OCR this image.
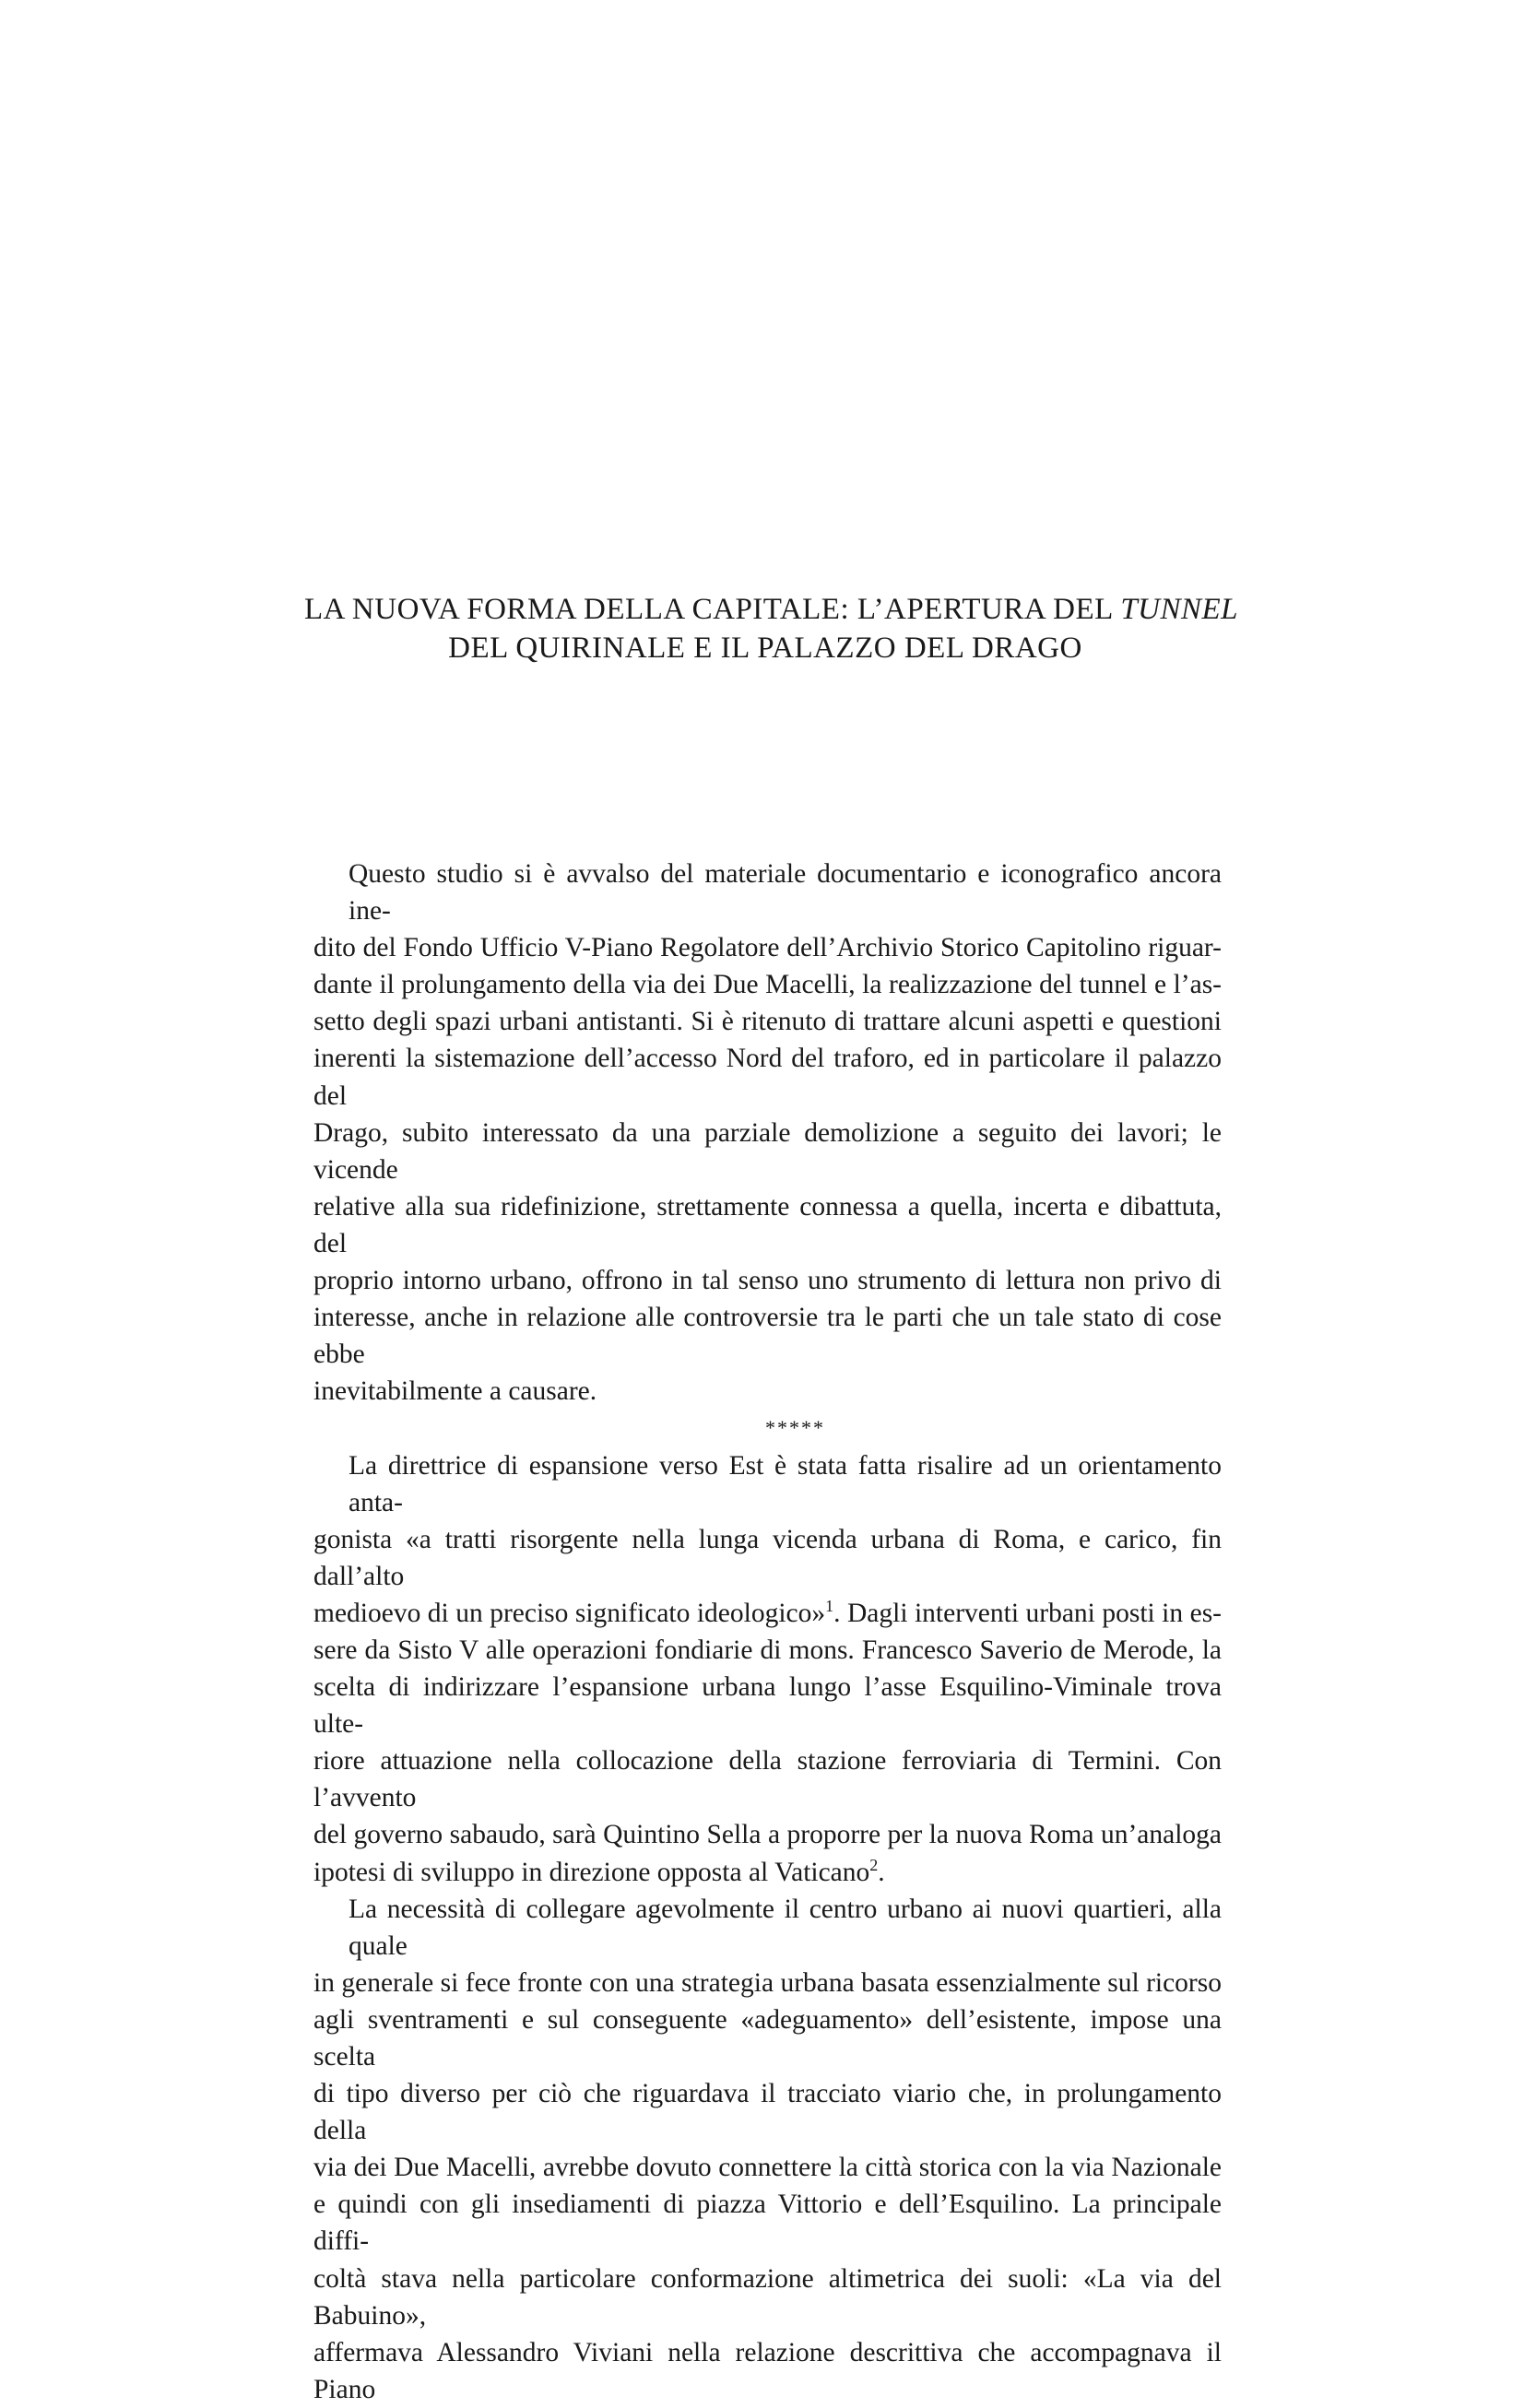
LA NUOVA FORMA DELLA CAPITALE: L’APERTURA DEL TUNNEL
DEL QUIRINALE E IL PALAZZO DEL DRAGO
Questo studio si è avvalso del materiale documentario e iconografico ancora ine-
dito del Fondo Ufficio V-Piano Regolatore dell’Archivio Storico Capitolino riguar-
dante il prolungamento della via dei Due Macelli, la realizzazione del tunnel e l’as-
setto degli spazi urbani antistanti. Si è ritenuto di trattare alcuni aspetti e questioni
inerenti la sistemazione dell’accesso Nord del traforo, ed in particolare il palazzo del
Drago, subito interessato da una parziale demolizione a seguito dei lavori; le vicende
relative alla sua ridefinizione, strettamente connessa a quella, incerta e dibattuta, del
proprio intorno urbano, offrono in tal senso uno strumento di lettura non privo di
interesse, anche in relazione alle controversie tra le parti che un tale stato di cose ebbe
inevitabilmente a causare.
*****
La direttrice di espansione verso Est è stata fatta risalire ad un orientamento anta-
gonista «a tratti risorgente nella lunga vicenda urbana di Roma, e carico, fin dall’alto
medioevo di un preciso significato ideologico»$^1$. Dagli interventi urbani posti in es-
sere da Sisto V alle operazioni fondiarie di mons. Francesco Saverio de Merode, la
scelta di indirizzare l’espansione urbana lungo l’asse Esquilino-Viminale trova ulte-
riore attuazione nella collocazione della stazione ferroviaria di Termini. Con l’avvento
del governo sabaudo, sarà Quintino Sella a proporre per la nuova Roma un’analoga
ipotesi di sviluppo in direzione opposta al Vaticano$^2$.
La necessità di collegare agevolmente il centro urbano ai nuovi quartieri, alla quale
in generale si fece fronte con una strategia urbana basata essenzialmente sul ricorso
agli sventramenti e sul conseguente «adeguamento» dell’esistente, impose una scelta
di tipo diverso per ciò che riguardava il tracciato viario che, in prolungamento della
via dei Due Macelli, avrebbe dovuto connettere la città storica con la via Nazionale
e quindi con gli insediamenti di piazza Vittorio e dell’Esquilino. La principale diffi-
coltà stava nella particolare conformazione altimetrica dei suoli: «La via del Babuino»,
affermava Alessandro Viviani nella relazione descrittiva che accompagnava il Piano
